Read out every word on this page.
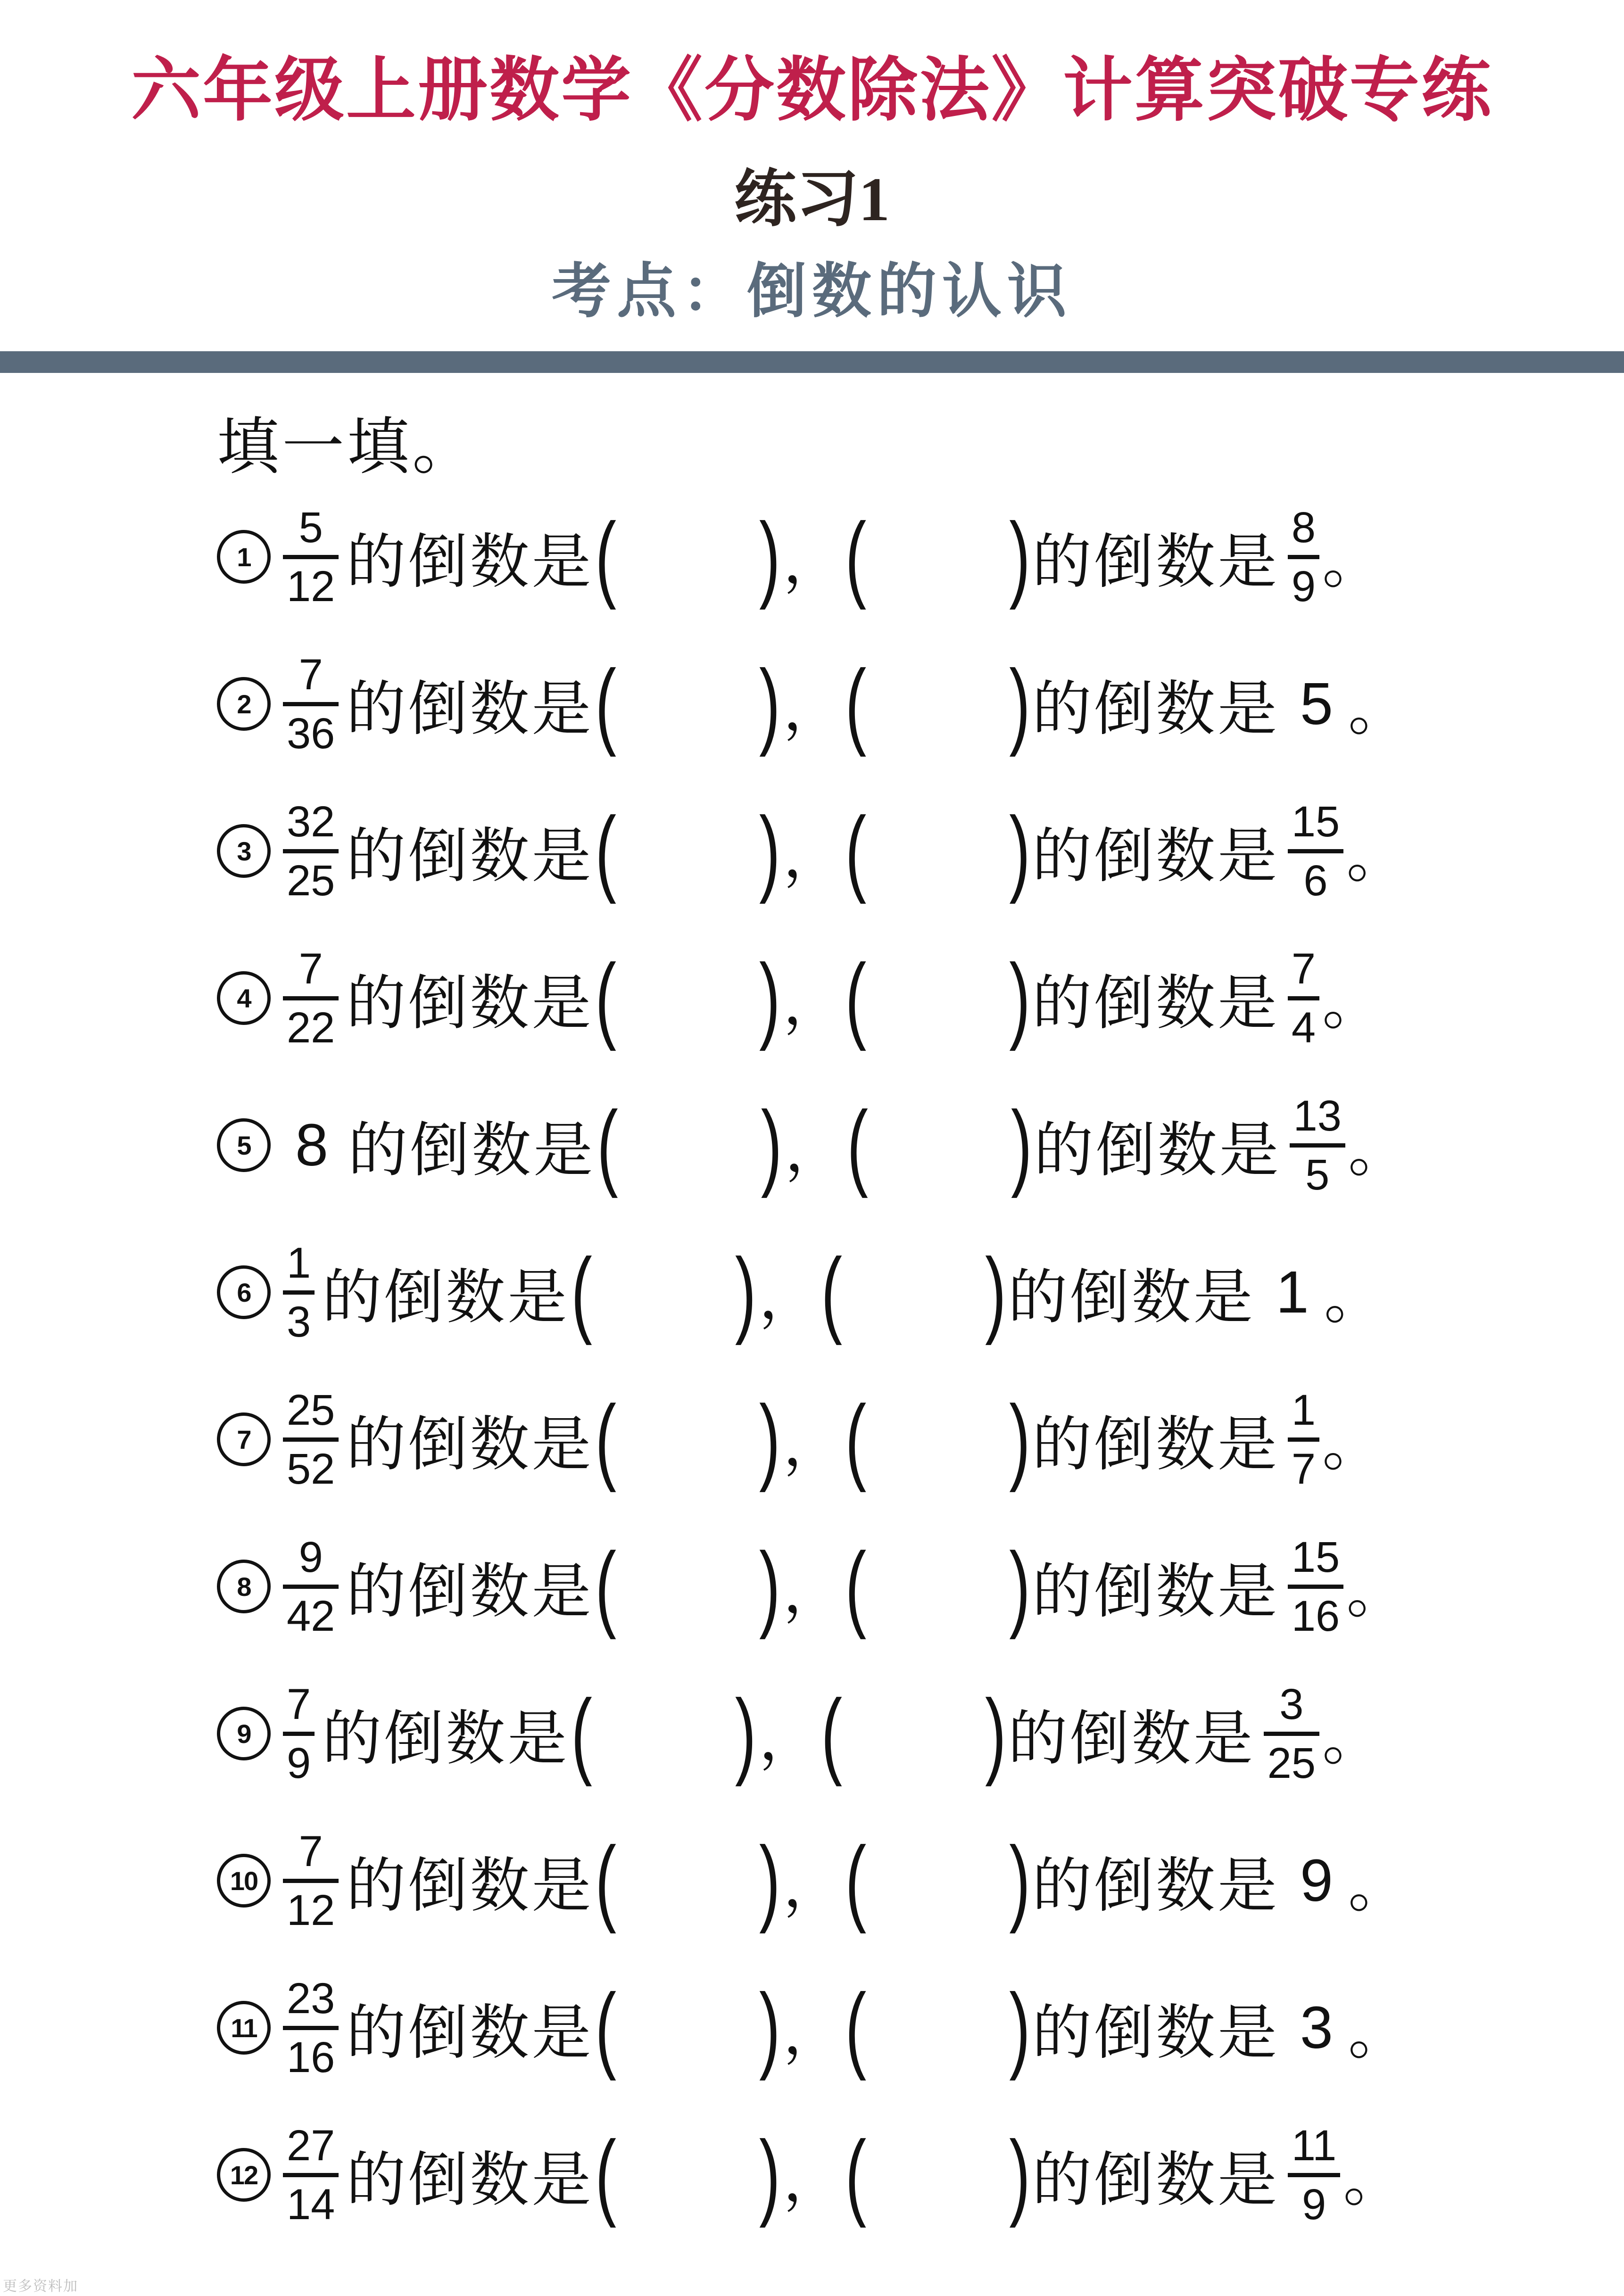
六年级上册数学《分数除法》计算突破专练
练习1
考点：倒数的认识
填一填。
1
5
12 的倒数是 ( ) ， ( ) 的倒数是
8
9 。
2
7
36 的倒数是 ( ) ， ( ) 的倒数是 5 。
3
32
25 的倒数是 ( ) ， ( ) 的倒数是
15
6 。
4
7
22 的倒数是 ( ) ， ( ) 的倒数是
7
4 。
5 8 的倒数是 ( ) ， ( ) 的倒数是
13
5 。
6
1
3 的倒数是 ( ) ， ( ) 的倒数是 1 。
7
25
52 的倒数是 ( ) ， ( ) 的倒数是
1
7 。
8
9
42 的倒数是 ( ) ， ( ) 的倒数是
15
16 。
9
7
9 的倒数是 ( ) ， ( ) 的倒数是
3
25 。
10
7
12 的倒数是 ( ) ， ( ) 的倒数是 9 。
11
23
16 的倒数是 ( ) ， ( ) 的倒数是 3 。
12
27
14 的倒数是 ( ) ， ( ) 的倒数是
11
9 。
更多资料加
